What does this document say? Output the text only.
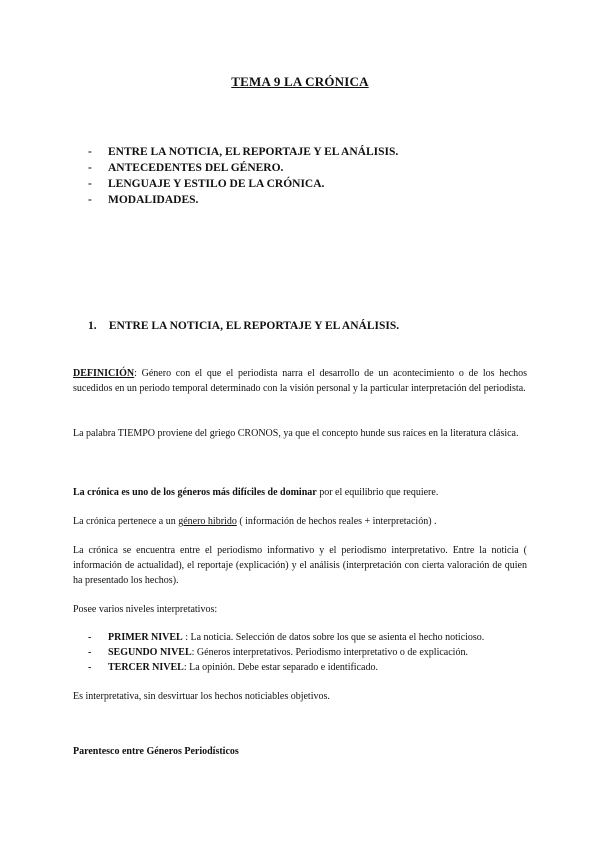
TEMA 9 LA CRÓNICA
-	ENTRE LA NOTICIA, EL REPORTAJE Y EL ANÁLISIS.
-	ANTECEDENTES DEL GÉNERO.
-	LENGUAJE Y ESTILO DE LA CRÓNICA.
-	MODALIDADES.
1. ENTRE LA NOTICIA, EL REPORTAJE Y EL ANÁLISIS.

DEFINICIÓN: Género con el que el periodista narra el desarrollo de un acontecimiento o de los hechos sucedidos en un periodo temporal determinado con la visión personal y la particular interpretación del periodista.

La palabra TIEMPO proviene del griego CRONOS, ya que el concepto hunde sus raíces en la literatura clásica.

La crónica es uno de los géneros más difíciles de dominar por el equilibrio que requiere.

La crónica pertenece a un género hibrido ( información de hechos reales + interpretación) .

La crónica se encuentra entre el periodismo informativo y el periodismo interpretativo. Entre la noticia ( información de actualidad), el reportaje (explicación) y el análisis (interpretación con cierta valoración de quien ha presentado los hechos).

Posee varios niveles interpretativos:

-	PRIMER NIVEL : La noticia. Selección de datos sobre los que se asienta el hecho noticioso.
-	SEGUNDO NIVEL: Géneros interpretativos. Periodismo interpretativo o de explicación.
-	TERCER NIVEL: La opinión. Debe estar separado e identificado.

Es interpretativa, sin desvirtuar los hechos noticiables objetivos.

Parentesco entre Géneros Periodísticos
